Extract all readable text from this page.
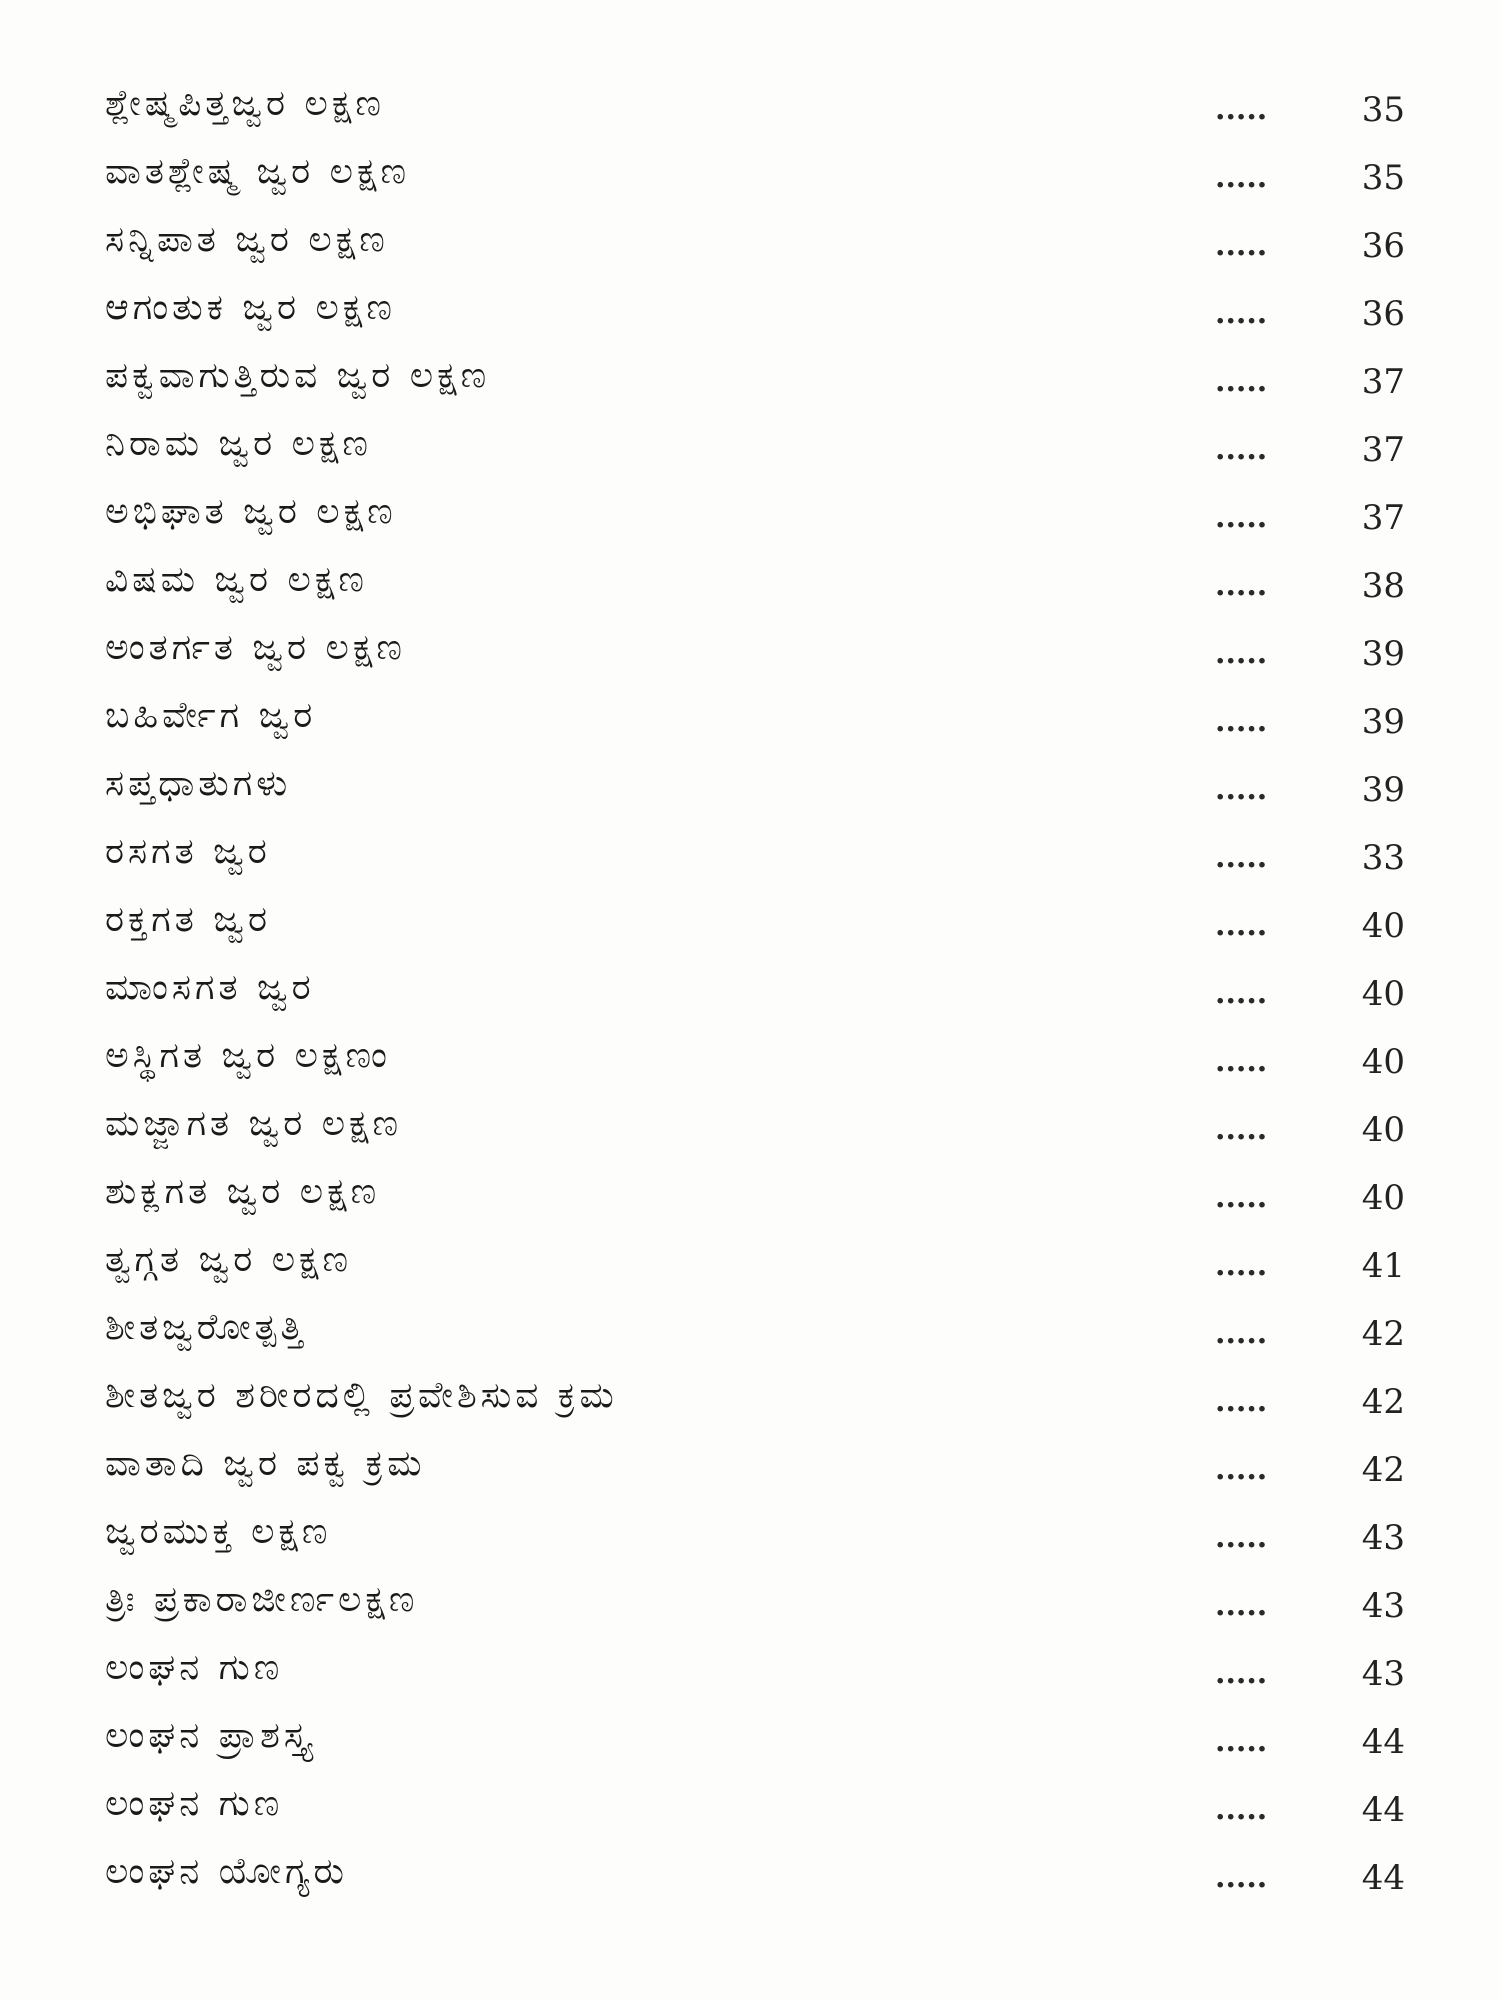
ಶ್ಲೇಷ್ಮಪಿತ್ತಜ್ವರ ಲಕ್ಷಣ	.....	35
ವಾತಶ್ಲೇಷ್ಮ ಜ್ವರ ಲಕ್ಷಣ	.....	35
ಸನ್ನಿಪಾತ ಜ್ವರ ಲಕ್ಷಣ	.....	36
ಆಗಂತುಕ ಜ್ವರ ಲಕ್ಷಣ	.....	36
ಪಕ್ವವಾಗುತ್ತಿರುವ ಜ್ವರ ಲಕ್ಷಣ	.....	37
ನಿರಾಮ ಜ್ವರ ಲಕ್ಷಣ	.....	37
ಅಭಿಘಾತ ಜ್ವರ ಲಕ್ಷಣ	.....	37
ವಿಷಮ ಜ್ವರ ಲಕ್ಷಣ	.....	38
ಅಂತರ್ಗತ ಜ್ವರ ಲಕ್ಷಣ	.....	39
ಬಹಿರ್ವೇಗ ಜ್ವರ	.....	39
ಸಪ್ತಧಾತುಗಳು	.....	39
ರಸಗತ ಜ್ವರ	.....	33
ರಕ್ತಗತ ಜ್ವರ	.....	40
ಮಾಂಸಗತ ಜ್ವರ	.....	40
ಅಸ್ಥಿಗತ ಜ್ವರ ಲಕ್ಷಣಂ	.....	40
ಮಜ್ಜಾಗತ ಜ್ವರ ಲಕ್ಷಣ	.....	40
ಶುಕ್ಲಗತ ಜ್ವರ ಲಕ್ಷಣ	.....	40
ತ್ವಗ್ಗತ ಜ್ವರ ಲಕ್ಷಣ	.....	41
ಶೀತಜ್ವರೋತ್ಪತ್ತಿ	.....	42
ಶೀತಜ್ವರ ಶರೀರದಲ್ಲಿ ಪ್ರವೇಶಿಸುವ ಕ್ರಮ	.....	42
ವಾತಾದಿ ಜ್ವರ ಪಕ್ವ ಕ್ರಮ	.....	42
ಜ್ವರಮುಕ್ತ ಲಕ್ಷಣ	.....	43
ತ್ರಿಃ ಪ್ರಕಾರಾಜೀರ್ಣಲಕ್ಷಣ	.....	43
ಲಂಘನ ಗುಣ	.....	43
ಲಂಘನ ಪ್ರಾಶಸ್ತ್ಯ	.....	44
ಲಂಘನ ಗುಣ	.....	44
ಲಂಘನ ಯೋಗ್ಯರು	.....	44
